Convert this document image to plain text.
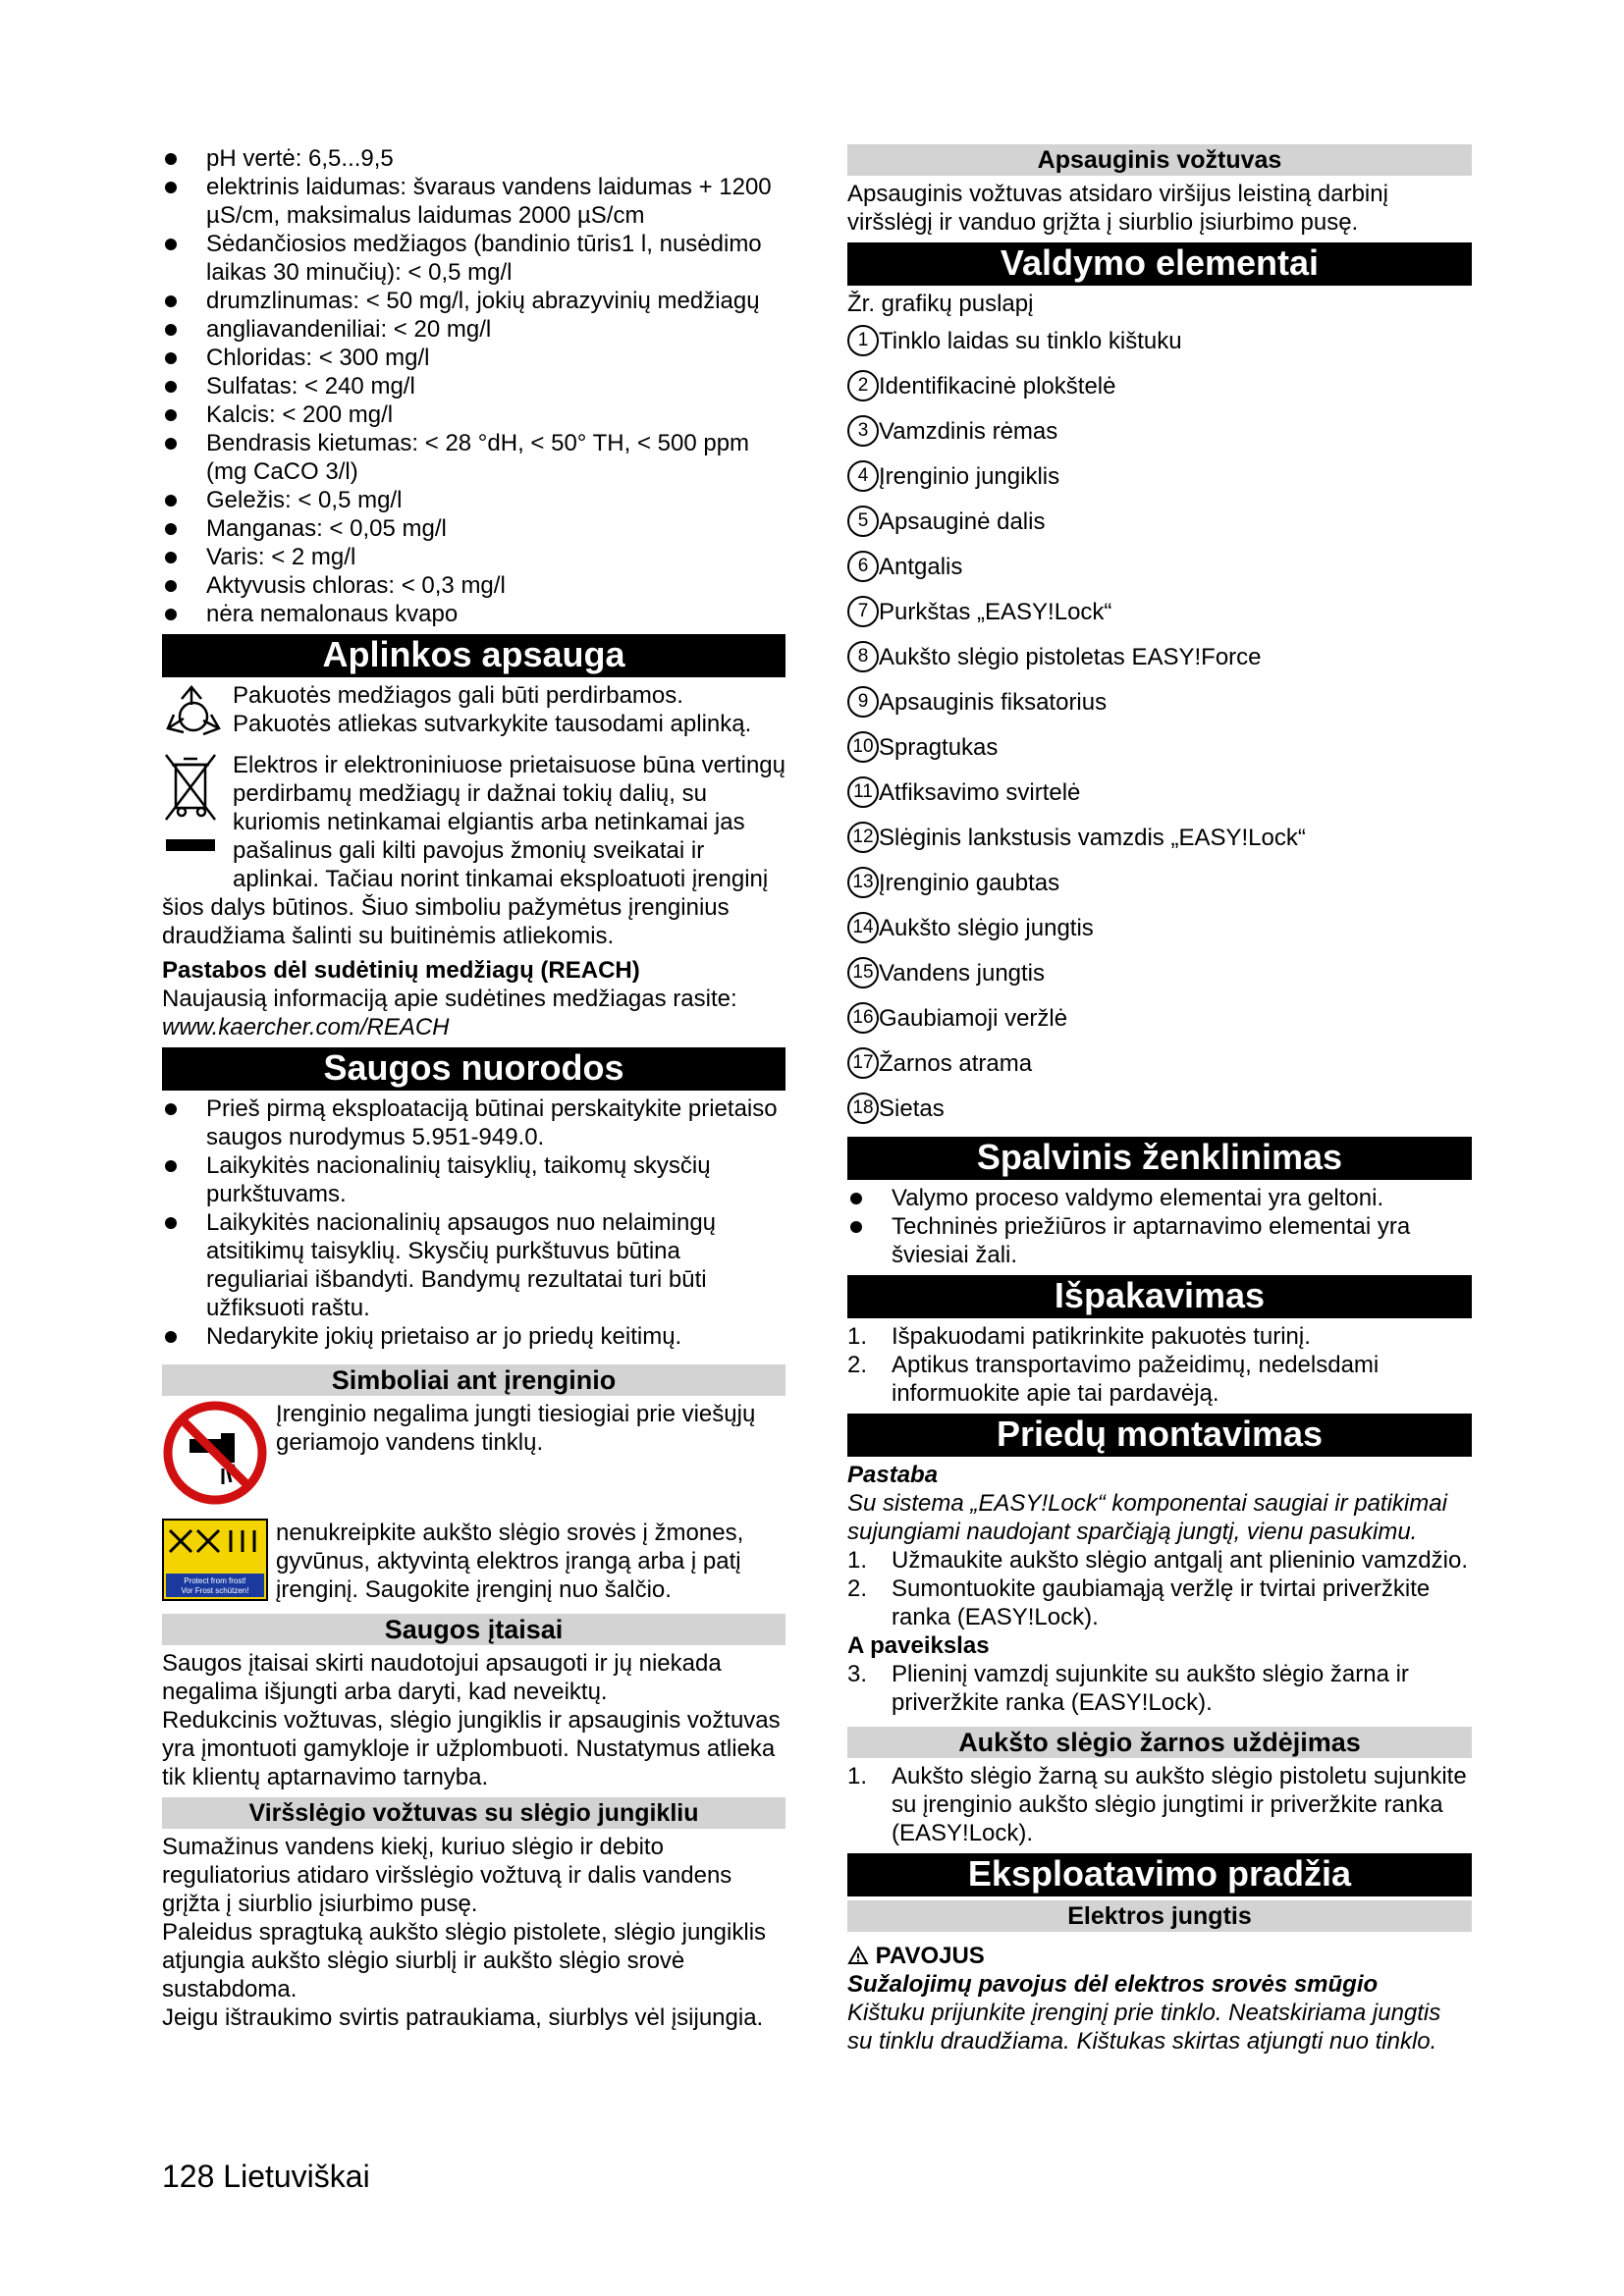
pH vertė: 6,5...9,5
elektrinis laidumas: švaraus vandens laidumas + 1200 µS/cm, maksimalus laidumas 2000 µS/cm
Sėdančiosios medžiagos (bandinio tūris1 l, nusėdimo laikas 30 minučių): < 0,5 mg/l
drumzlinumas: < 50 mg/l, jokių abrazyvinių medžiagų
angliavandeniliai: < 20 mg/l
Chloridas: < 300 mg/l
Sulfatas: < 240 mg/l
Kalcis: < 200 mg/l
Bendrasis kietumas: < 28 °dH, < 50° TH, < 500 ppm (mg CaCO 3/l)
Geležis: < 0,5 mg/l
Manganas: < 0,05 mg/l
Varis: < 2 mg/l
Aktyvusis chloras: < 0,3 mg/l
nėra nemalonaus kvapo
Aplinkos apsauga

Pakuotės medžiagos gali būti perdirbamos. Pakuotės atliekas sutvarkykite tausodami aplinką.

Elektros ir elektroniniuose prietaisuose būna vertingų perdirbamų medžiagų ir dažnai tokių dalių, su kuriomis netinkamai elgiantis arba netinkamai jas pašalinus gali kilti pavojus žmonių sveikatai ir aplinkai. Tačiau norint tinkamai eksploatuoti įrenginį šios dalys būtinos. Šiuo simboliu pažymėtus įrenginius draudžiama šalinti su buitinėmis atliekomis.

Pastabos dėl sudėtinių medžiagų (REACH)

Naujausią informaciją apie sudėtines medžiagas rasite:

www.kaercher.com/REACH

Saugos nuorodos
Prieš pirmą eksploataciją būtinai perskaitykite prietaiso saugos nurodymus 5.951-949.0.
Laikykitės nacionalinių taisyklių, taikomų skysčių purkštuvams.
Laikykitės nacionalinių apsaugos nuo nelaimingų atsitikimų taisyklių. Skysčių purkštuvus būtina reguliariai išbandyti. Bandymų rezultatai turi būti užfiksuoti raštu.
Nedarykite jokių prietaiso ar jo priedų keitimų.
Simboliai ant įrenginio

Įrenginio negalima jungti tiesiogiai prie viešųjų geriamojo vandens tinklų.

Protect from frost!
Vor Frost schützen!

nenukreipkite aukšto slėgio srovės į žmones, gyvūnus, aktyvintą elektros įrangą arba į patį įrenginį. Saugokite įrenginį nuo šalčio.

Saugos įtaisai

Saugos įtaisai skirti naudotojui apsaugoti ir jų niekada negalima išjungti arba daryti, kad neveiktų.

Redukcinis vožtuvas, slėgio jungiklis ir apsauginis vožtuvas yra įmontuoti gamykloje ir užplombuoti. Nustatymus atlieka tik klientų aptarnavimo tarnyba.

Viršslėgio vožtuvas su slėgio jungikliu

Sumažinus vandens kiekį, kuriuo slėgio ir debito reguliatorius atidaro viršslėgio vožtuvą ir dalis vandens grįžta į siurblio įsiurbimo pusę.

Paleidus spragtuką aukšto slėgio pistolete, slėgio jungiklis atjungia aukšto slėgio siurblį ir aukšto slėgio srovė sustabdoma.

Jeigu ištraukimo svirtis patraukiama, siurblys vėl įsijungia.

Apsauginis vožtuvas

Apsauginis vožtuvas atsidaro viršijus leistiną darbinį viršslėgį ir vanduo grįžta į siurblio įsiurbimo pusę.

Valdymo elementai

Žr. grafikų puslapį

1 Tinklo laidas su tinklo kištuku
2 Identifikacinė plokštelė
3 Vamzdinis rėmas
4 Įrenginio jungiklis
5 Apsauginė dalis
6 Antgalis
7 Purkštas „EASY!Lock“
8 Aukšto slėgio pistoletas EASY!Force
9 Apsauginis fiksatorius
10 Spragtukas
11 Atfiksavimo svirtelė
12 Slėginis lankstusis vamzdis „EASY!Lock“
13 Įrenginio gaubtas
14 Aukšto slėgio jungtis
15 Vandens jungtis
16 Gaubiamoji veržlė
17 Žarnos atrama
18 Sietas
Spalvinis ženklinimas
Valymo proceso valdymo elementai yra geltoni.
Techninės priežiūros ir aptarnavimo elementai yra šviesiai žali.
Išpakavimas
1. Išpakuodami patikrinkite pakuotės turinį.
2. Aptikus transportavimo pažeidimų, nedelsdami informuokite apie tai pardavėją.
Priedų montavimas

Pastaba

Su sistema „EASY!Lock“ komponentai saugiai ir patikimai sujungiami naudojant sparčiąją jungtį, vienu pasukimu.

1. Užmaukite aukšto slėgio antgalį ant plieninio vamzdžio.
2. Sumontuokite gaubiamąją veržlę ir tvirtai priveržkite ranka (EASY!Lock).

A paveikslas

3. Plieninį vamzdį sujunkite su aukšto slėgio žarna ir priveržkite ranka (EASY!Lock).
Aukšto slėgio žarnos uždėjimas
1. Aukšto slėgio žarną su aukšto slėgio pistoletu sujunkite su įrenginio aukšto slėgio jungtimi ir priveržkite ranka (EASY!Lock).
Eksploatavimo pradžia
Elektros jungtis

PAVOJUS

Sužalojimų pavojus dėl elektros srovės smūgio

Kištuku prijunkite įrenginį prie tinklo. Neatskiriama jungtis su tinklu draudžiama. Kištukas skirtas atjungti nuo tinklo.

128 Lietuviškai
